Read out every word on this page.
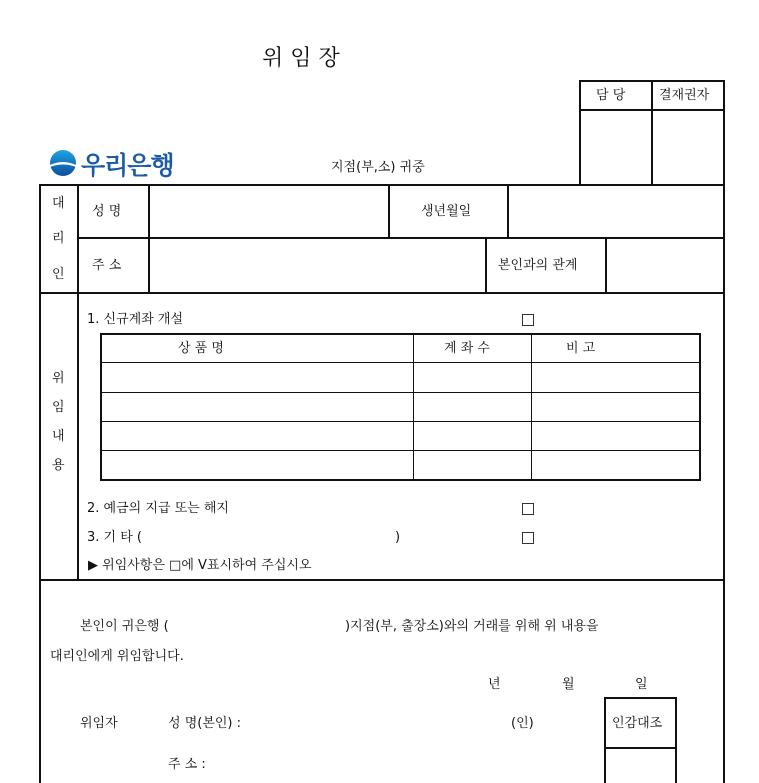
위 임 장
담 당	결재권자
우리은행	지점(부,소) 귀중
대
리
인
성 명	생년월일
주 소	본인과의 관계
위
임
내
용
1. 신규계좌 개설
상 품 명	계 좌 수	비 고
2. 예금의 지급 또는 해지
3. 기 타 (	)
▶ 위임사항은 □에 V표시하여 주십시오
본인이 귀은행 (	)지점(부, 출장소)와의 거래를 위해 위 내용을
대리인에게 위임합니다.
년	월	일
위임자	성 명(본인) :	(인)
주 소 :
인감대조
